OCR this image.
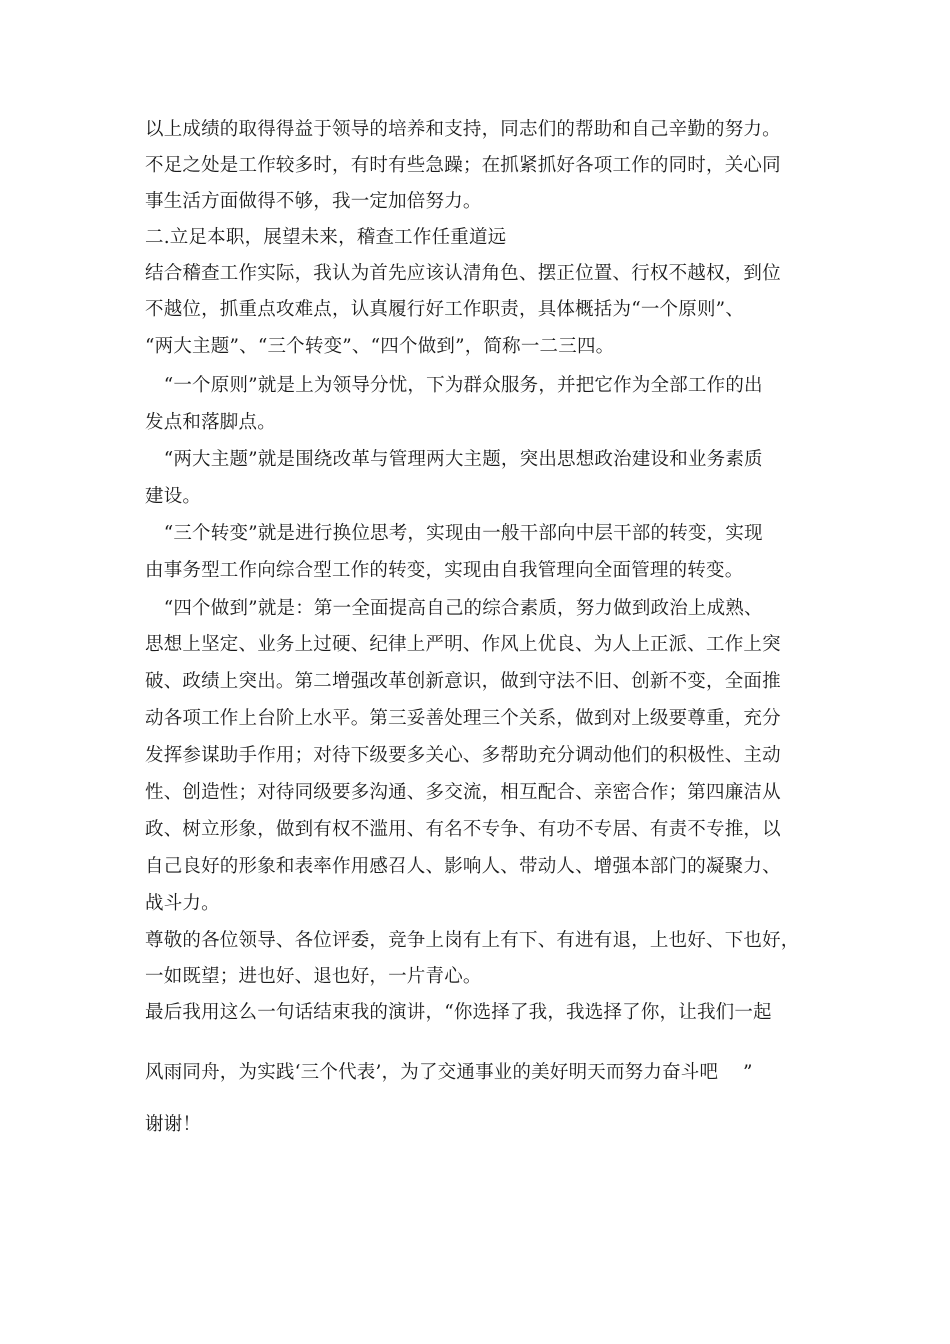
以上成绩的取得得益于领导的培养和支持，同志们的帮助和自己辛勤的努力。
不足之处是工作较多时，有时有些急躁；在抓紧抓好各项工作的同时，关心同
事生活方面做得不够，我一定加倍努力。
二.立足本职，展望未来，稽查工作任重道远
结合稽查工作实际，我认为首先应该认清角色、摆正位置、行权不越权，到位
不越位，抓重点攻难点，认真履行好工作职责，具体概括为“一个原则”、
“两大主题”、“三个转变”、“四个做到”，简称一二三四。
　“一个原则”就是上为领导分忧，下为群众服务，并把它作为全部工作的出
发点和落脚点。
　“两大主题”就是围绕改革与管理两大主题，突出思想政治建设和业务素质
建设。
　“三个转变”就是进行换位思考，实现由一般干部向中层干部的转变，实现
由事务型工作向综合型工作的转变，实现由自我管理向全面管理的转变。
　“四个做到”就是：第一全面提高自己的综合素质，努力做到政治上成熟、
思想上坚定、业务上过硬、纪律上严明、作风上优良、为人上正派、工作上突
破、政绩上突出。第二增强改革创新意识，做到守法不旧、创新不变，全面推
动各项工作上台阶上水平。第三妥善处理三个关系，做到对上级要尊重，充分
发挥参谋助手作用；对待下级要多关心、多帮助充分调动他们的积极性、主动
性、创造性；对待同级要多沟通、多交流，相互配合、亲密合作；第四廉洁从
政、树立形象，做到有权不滥用、有名不专争、有功不专居、有责不专推，以
自己良好的形象和表率作用感召人、影响人、带动人、增强本部门的凝聚力、
战斗力。
尊敬的各位领导、各位评委，竞争上岗有上有下、有进有退，上也好、下也好，
一如既望；进也好、退也好，一片青心。
最后我用这么一句话结束我的演讲，“你选择了我，我选择了你，让我们一起
风雨同舟，为实践‘三个代表’，为了交通事业的美好明天而努力奋斗吧　 ”
谢谢！
